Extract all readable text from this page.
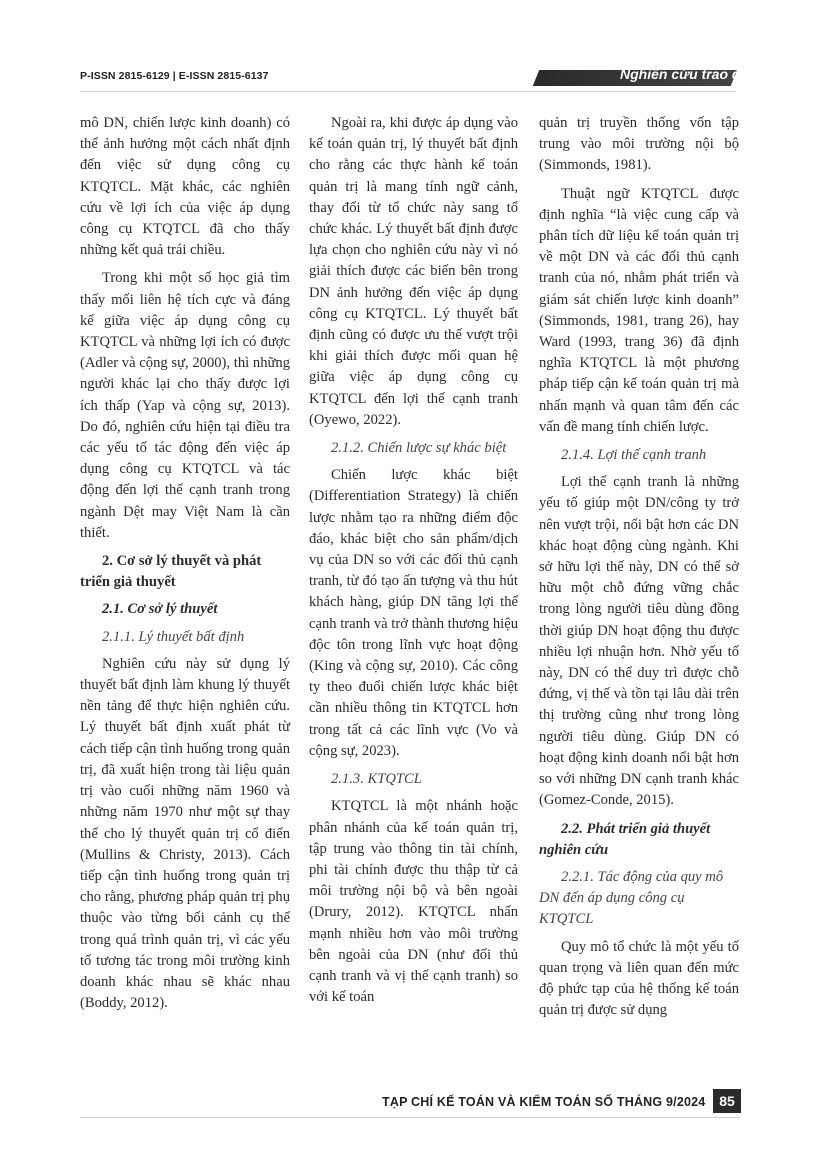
P-ISSN 2815-6129 | E-ISSN 2815-6137	Nghiên cứu trao đổi

mô DN, chiến lược kinh doanh) có thể ảnh hưởng một cách nhất định đến việc sử dụng công cụ KTQTCL. Mặt khác, các nghiên cứu về lợi ích của việc áp dụng công cụ KTQTCL đã cho thấy những kết quả trái chiều.

Trong khi một số học giả tìm thấy mối liên hệ tích cực và đáng kể giữa việc áp dụng công cụ KTQTCL và những lợi ích có được (Adler và cộng sự, 2000), thì những người khác lại cho thấy được lợi ích thấp (Yap và cộng sự, 2013). Do đó, nghiên cứu hiện tại điều tra các yếu tố tác động đến việc áp dụng công cụ KTQTCL và tác động đến lợi thế cạnh tranh trong ngành Dệt may Việt Nam là cần thiết.

2. Cơ sở lý thuyết và phát triển giả thuyết
2.1. Cơ sở lý thuyết
2.1.1. Lý thuyết bất định

Nghiên cứu này sử dụng lý thuyết bất định làm khung lý thuyết nền tảng để thực hiện nghiên cứu. Lý thuyết bất định xuất phát từ cách tiếp cận tình huống trong quản trị, đã xuất hiện trong tài liệu quản trị vào cuối những năm 1960 và những năm 1970 như một sự thay thế cho lý thuyết quản trị cổ điển (Mullins & Christy, 2013). Cách tiếp cận tình huống trong quản trị cho rằng, phương pháp quản trị phụ thuộc vào từng bối cảnh cụ thể trong quá trình quản trị, vì các yếu tố tương tác trong môi trường kinh doanh khác nhau sẽ khác nhau (Boddy, 2012).

Ngoài ra, khi được áp dụng vào kế toán quản trị, lý thuyết bất định cho rằng các thực hành kế toán quản trị là mang tính ngữ cảnh, thay đổi từ tổ chức này sang tổ chức khác. Lý thuyết bất định được lựa chọn cho nghiên cứu này vì nó giải thích được các biến bên trong DN ảnh hưởng đến việc áp dụng công cụ KTQTCL. Lý thuyết bất định cũng có được ưu thế vượt trội khi giải thích được mối quan hệ giữa việc áp dụng công cụ KTQTCL đến lợi thế cạnh tranh (Oyewo, 2022).

2.1.2. Chiến lược sự khác biệt

Chiến lược khác biệt (Differentiation Strategy) là chiến lược nhằm tạo ra những điểm độc đáo, khác biệt cho sản phẩm/dịch vụ của DN so với các đối thủ cạnh tranh, từ đó tạo ấn tượng và thu hút khách hàng, giúp DN tăng lợi thế cạnh tranh và trở thành thương hiệu độc tôn trong lĩnh vực hoạt động (King và cộng sự, 2010). Các công ty theo đuổi chiến lược khác biệt cần nhiều thông tin KTQTCL hơn trong tất cả các lĩnh vực (Vo và cộng sự, 2023).

2.1.3. KTQTCL

KTQTCL là một nhánh hoặc phân nhánh của kế toán quản trị, tập trung vào thông tin tài chính, phi tài chính được thu thập từ cả môi trường nội bộ và bên ngoài (Drury, 2012). KTQTCL nhấn mạnh nhiều hơn vào môi trường bên ngoài của DN (như đối thủ cạnh tranh và vị thế cạnh tranh) so với kế toán

quản trị truyền thống vốn tập trung vào môi trường nội bộ (Simmonds, 1981).

Thuật ngữ KTQTCL được định nghĩa “là việc cung cấp và phân tích dữ liệu kế toán quản trị về một DN và các đối thủ cạnh tranh của nó, nhằm phát triển và giám sát chiến lược kinh doanh” (Simmonds, 1981, trang 26), hay Ward (1993, trang 36) đã định nghĩa KTQTCL là một phương pháp tiếp cận kế toán quản trị mà nhấn mạnh và quan tâm đến các vấn đề mang tính chiến lược.

2.1.4. Lợi thế cạnh tranh

Lợi thế cạnh tranh là những yếu tố giúp một DN/công ty trở nên vượt trội, nổi bật hơn các DN khác hoạt động cùng ngành. Khi sở hữu lợi thế này, DN có thể sở hữu một chỗ đứng vững chắc trong lòng người tiêu dùng đồng thời giúp DN hoạt động thu được nhiều lợi nhuận hơn. Nhờ yếu tố này, DN có thể duy trì được chỗ đứng, vị thế và tồn tại lâu dài trên thị trường cũng như trong lòng người tiêu dùng. Giúp DN có hoạt động kinh doanh nổi bật hơn so với những DN cạnh tranh khác (Gomez-Conde, 2015).

2.2. Phát triển giả thuyết nghiên cứu
2.2.1. Tác động của quy mô DN đến áp dụng công cụ KTQTCL

Quy mô tổ chức là một yếu tố quan trọng và liên quan đến mức độ phức tạp của hệ thống kế toán quản trị được sử dụng

TẠP CHÍ KẾ TOÁN VÀ KIỂM TOÁN SỐ THÁNG 9/2024 85
